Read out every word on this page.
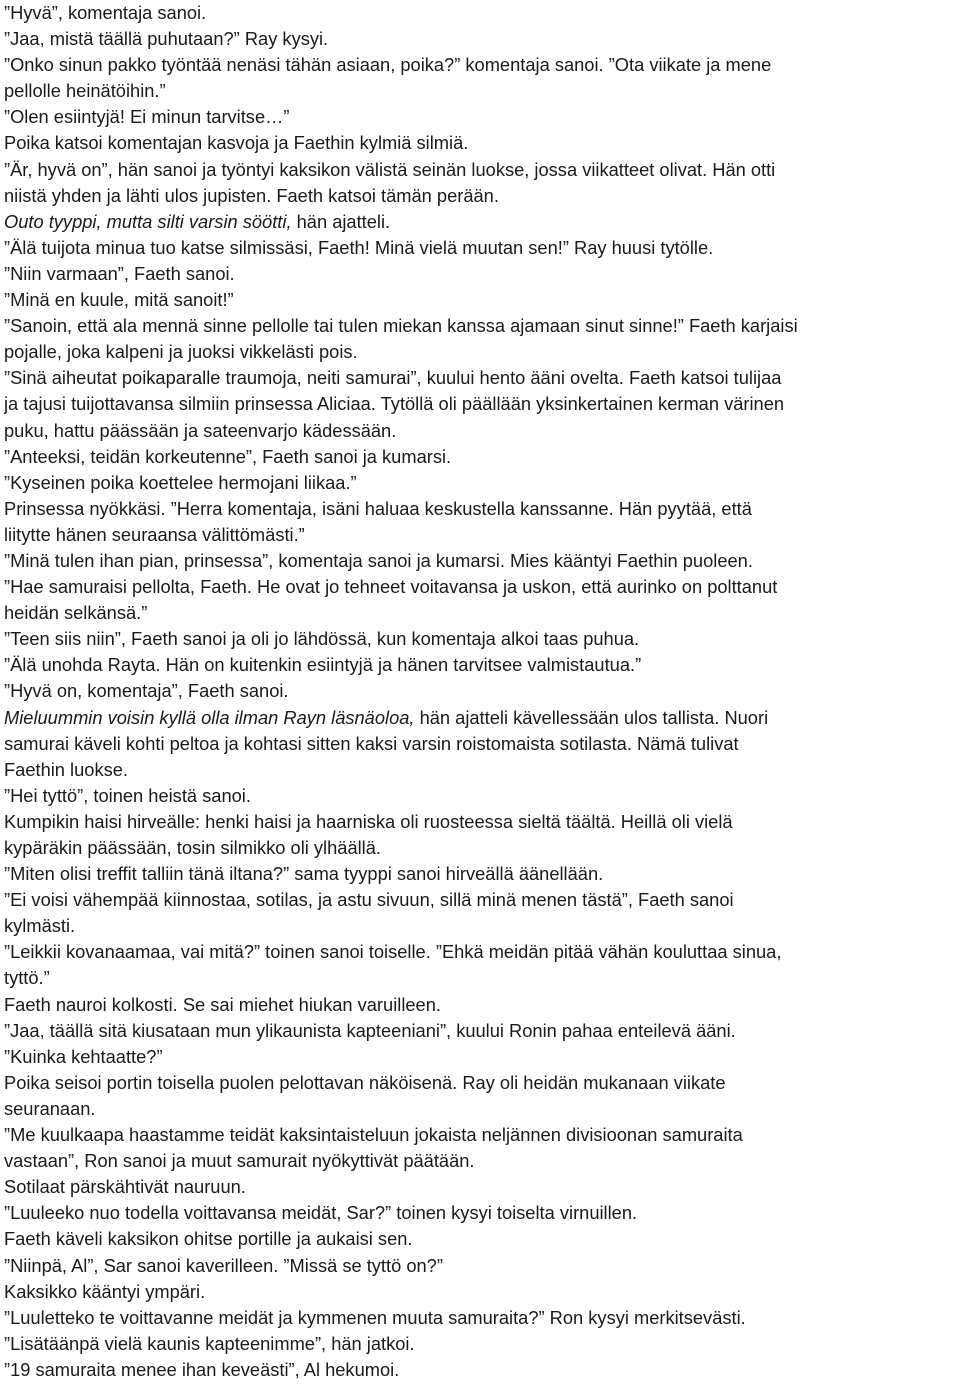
”Hyvä”, komentaja sanoi.
”Jaa, mistä täällä puhutaan?” Ray kysyi.
”Onko sinun pakko työntää nenäsi tähän asiaan, poika?” komentaja sanoi. ”Ota viikate ja mene
pellolle heinätöihin.”
”Olen esiintyjä! Ei minun tarvitse…”
Poika katsoi komentajan kasvoja ja Faethin kylmiä silmiä.
”Är, hyvä on”, hän sanoi ja työntyi kaksikon välistä seinän luokse, jossa viikatteet olivat. Hän otti
niistä yhden ja lähti ulos jupisten. Faeth katsoi tämän perään.
Outo tyyppi, mutta silti varsin söötti, hän ajatteli.
”Älä tuijota minua tuo katse silmissäsi, Faeth! Minä vielä muutan sen!” Ray huusi tytölle.
”Niin varmaan”, Faeth sanoi.
”Minä en kuule, mitä sanoit!”
”Sanoin, että ala mennä sinne pellolle tai tulen miekan kanssa ajamaan sinut sinne!” Faeth karjaisi
pojalle, joka kalpeni ja juoksi vikkelästi pois.
”Sinä aiheutat poikaparalle traumoja, neiti samurai”, kuului hento ääni ovelta. Faeth katsoi tulijaa
ja tajusi tuijottavansa silmiin prinsessa Aliciaa. Tytöllä oli päällään yksinkertainen kerman värinen
puku, hattu päässään ja sateenvarjo kädessään.
”Anteeksi, teidän korkeutenne”, Faeth sanoi ja kumarsi.
”Kyseinen poika koettelee hermojani liikaa.”
Prinsessa nyökkäsi. ”Herra komentaja, isäni haluaa keskustella kanssanne. Hän pyytää, että
liitytte hänen seuraansa välittömästi.”
”Minä tulen ihan pian, prinsessa”, komentaja sanoi ja kumarsi. Mies kääntyi Faethin puoleen.
”Hae samuraisi pellolta, Faeth. He ovat jo tehneet voitavansa ja uskon, että aurinko on polttanut
heidän selkänsä.”
”Teen siis niin”, Faeth sanoi ja oli jo lähdössä, kun komentaja alkoi taas puhua.
”Älä unohda Rayta. Hän on kuitenkin esiintyjä ja hänen tarvitsee valmistautua.”
”Hyvä on, komentaja”, Faeth sanoi.
Mieluummin voisin kyllä olla ilman Rayn läsnäoloa, hän ajatteli kävellessään ulos tallista. Nuori
samurai käveli kohti peltoa ja kohtasi sitten kaksi varsin roistomaista sotilasta. Nämä tulivat
Faethin luokse.
”Hei tyttö”, toinen heistä sanoi.
Kumpikin haisi hirveälle: henki haisi ja haarniska oli ruosteessa sieltä täältä. Heillä oli vielä
kypäräkin päässään, tosin silmikko oli ylhäällä.
”Miten olisi treffit talliin tänä iltana?” sama tyyppi sanoi hirveällä äänellään.
”Ei voisi vähempää kiinnostaa, sotilas, ja astu sivuun, sillä minä menen tästä”, Faeth sanoi
kylmästi.
”Leikkii kovanaamaa, vai mitä?” toinen sanoi toiselle. ”Ehkä meidän pitää vähän kouluttaa sinua,
tyttö.”
Faeth nauroi kolkosti. Se sai miehet hiukan varuilleen.
”Jaa, täällä sitä kiusataan mun ylikaunista kapteeniani”, kuului Ronin pahaa enteilevä ääni.
”Kuinka kehtaatte?”
Poika seisoi portin toisella puolen pelottavan näköisenä. Ray oli heidän mukanaan viikate
seuranaan.
”Me kuulkaapa haastamme teidät kaksintaisteluun jokaista neljännen divisioonan samuraita
vastaan”, Ron sanoi ja muut samurait nyökyttivät päätään.
Sotilaat pärskähtivät nauruun.
”Luuleeko nuo todella voittavansa meidät, Sar?” toinen kysyi toiselta virnuillen.
Faeth käveli kaksikon ohitse portille ja aukaisi sen.
”Niinpä, Al”, Sar sanoi kaverilleen. ”Missä se tyttö on?”
Kaksikko kääntyi ympäri.
”Luuletteko te voittavanne meidät ja kymmenen muuta samuraita?” Ron kysyi merkitsevästi.
”Lisätäänpä vielä kaunis kapteenimme”, hän jatkoi.
”19 samuraita menee ihan keveästi”, Al hekumoi.
